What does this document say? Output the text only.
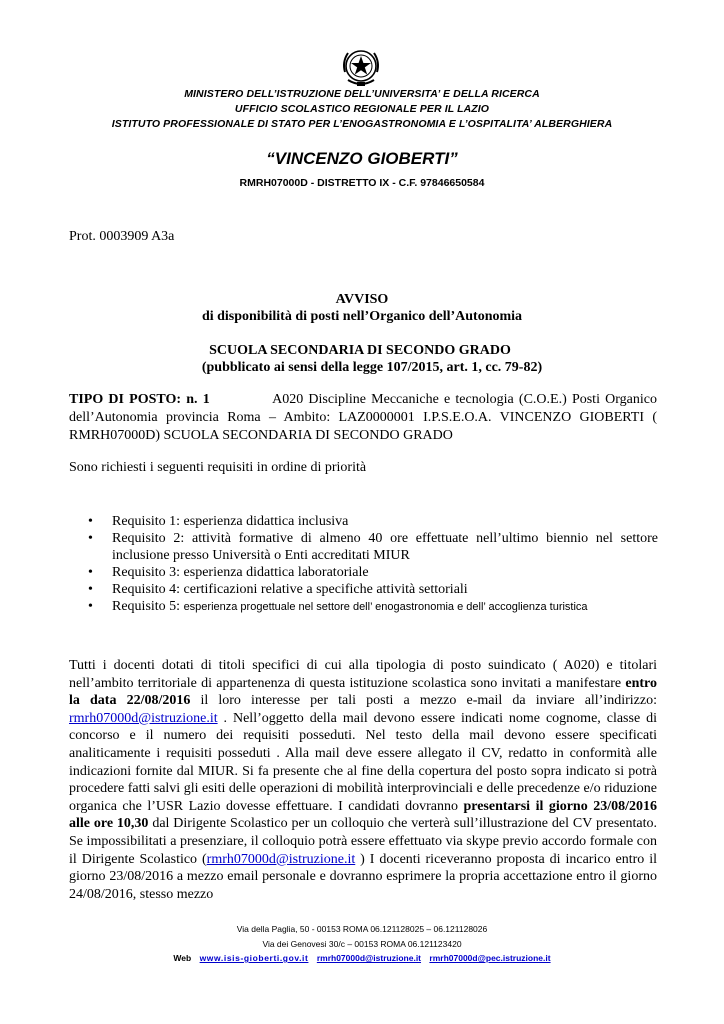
MINISTERO DELL’ISTRUZIONE DELL’UNIVERSITA’ E DELLA RICERCA
UFFICIO SCOLASTICO REGIONALE PER IL LAZIO
ISTITUTO PROFESSIONALE DI STATO PER L’ENOGASTRONOMIA E L’OSPITALITA’ ALBERGHIERA
“VINCENZO GIOBERTI”
RMRH07000D - DISTRETTO IX - C.F. 97846650584
Prot. 0003909 A3a
AVVISO
di disponibilità di posti nell’Organico dell’Autonomia
SCUOLA SECONDARIA DI SECONDO GRADO
(pubblicato ai sensi della legge 107/2015, art. 1, cc. 79-82)
TIPO DI POSTO: n. 1	A020 Discipline Meccaniche e tecnologia (C.O.E.) Posti Organico dell’Autonomia provincia Roma – Ambito: LAZ0000001 I.P.S.E.O.A. VINCENZO GIOBERTI ( RMRH07000D) SCUOLA SECONDARIA DI SECONDO GRADO
Sono richiesti i seguenti requisiti in ordine di priorità
• Requisito 1: esperienza didattica inclusiva
• Requisito 2: attività formative di almeno 40 ore effettuate nell’ultimo biennio nel settore inclusione presso Università o Enti accreditati MIUR
• Requisito 3: esperienza didattica laboratoriale
• Requisito 4: certificazioni relative a specifiche attività settoriali
• Requisito 5: esperienza progettuale nel settore dell’ enogastronomia e dell’ accoglienza turistica
Tutti i docenti dotati di titoli specifici di cui alla tipologia di posto suindicato ( A020) e titolari nell’ambito territoriale di appartenenza di questa istituzione scolastica sono invitati a manifestare entro la data 22/08/2016 il loro interesse per tali posti a mezzo e-mail da inviare all’indirizzo: rmrh07000d@istruzione.it . Nell’oggetto della mail devono essere indicati nome cognome, classe di concorso e il numero dei requisiti posseduti. Nel testo della mail devono essere specificati analiticamente i requisiti posseduti . Alla mail deve essere allegato il CV, redatto in conformità alle indicazioni fornite dal MIUR. Si fa presente che al fine della copertura del posto sopra indicato si potrà procedere fatti salvi gli esiti delle operazioni di mobilità interprovinciali e delle precedenze e/o riduzione organica che l’USR Lazio dovesse effettuare. I candidati dovranno presentarsi il giorno 23/08/2016 alle ore 10,30 dal Dirigente Scolastico per un colloquio che verterà sull’illustrazione del CV presentato. Se impossibilitati a presenziare, il colloquio potrà essere effettuato via skype previo accordo formale con il Dirigente Scolastico (rmrh07000d@istruzione.it ) I docenti riceveranno proposta di incarico entro il giorno 23/08/2016 a mezzo email personale e dovranno esprimere la propria accettazione entro il giorno 24/08/2016, stesso mezzo
Via della Paglia, 50 - 00153 ROMA 06.121128025 – 06.121128026
Via dei Genovesi 30/c – 00153 ROMA 06.121123420
Web www.isis-gioberti.gov.it rmrh07000d@istruzione.it rmrh07000d@pec.istruzione.it
